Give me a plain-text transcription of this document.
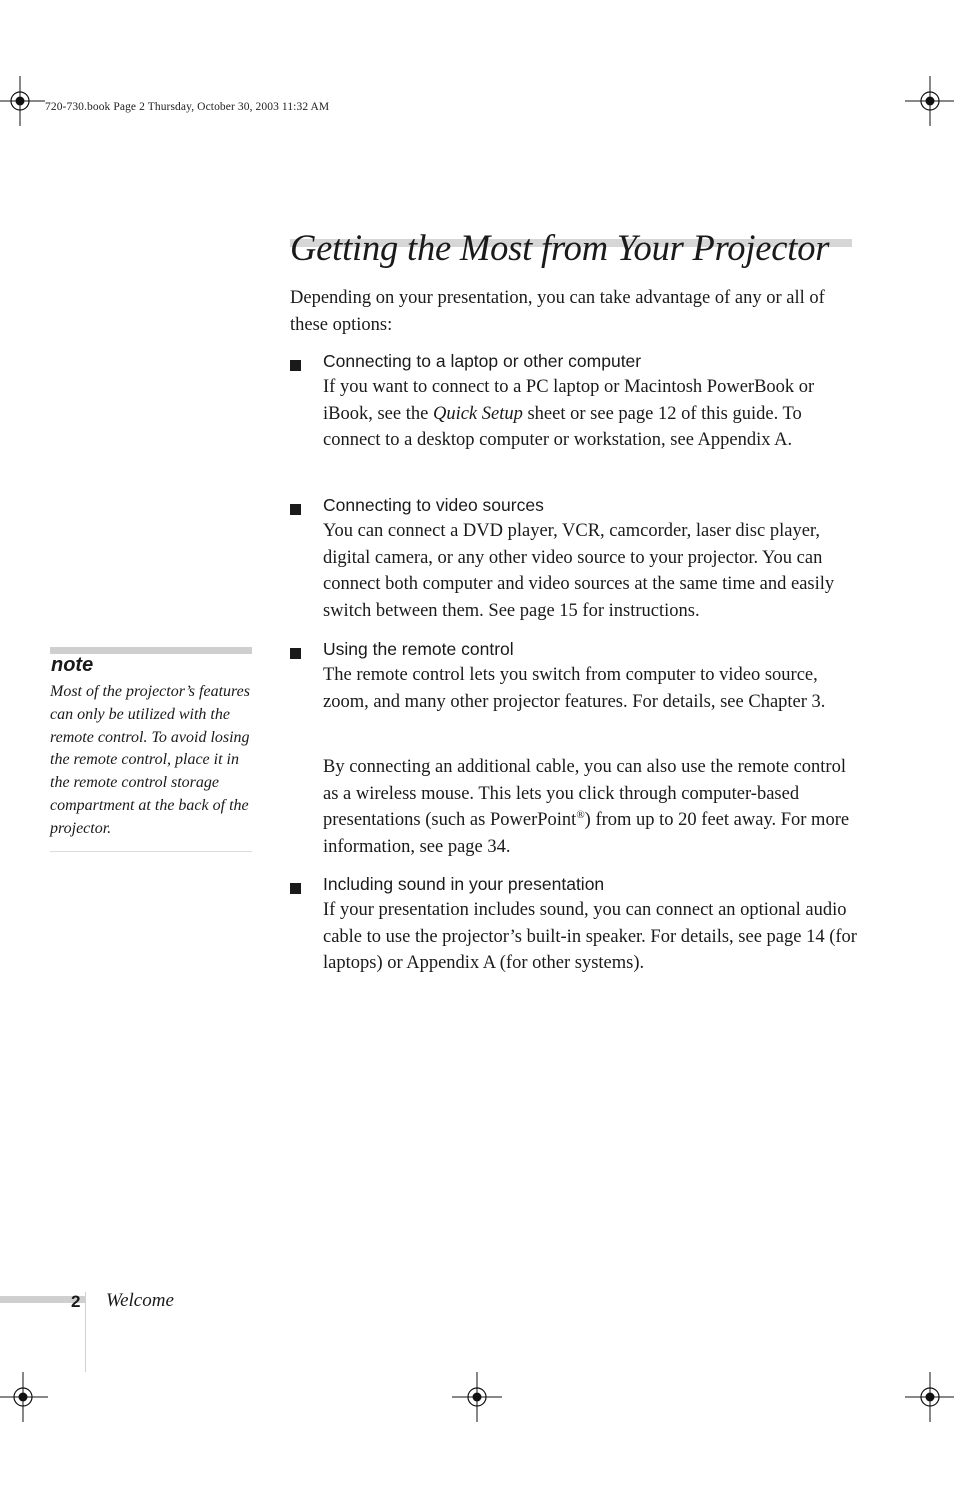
720-730.book Page 2 Thursday, October 30, 2003 11:32 AM
Getting the Most from Your Projector

Depending on your presentation, you can take advantage of any or all of these options:

Connecting to a laptop or other computer

If you want to connect to a PC laptop or Macintosh PowerBook or iBook, see the Quick Setup sheet or see page 12 of this guide. To connect to a desktop computer or workstation, see Appendix A.

Connecting to video sources

You can connect a DVD player, VCR, camcorder, laser disc player, digital camera, or any other video source to your projector. You can connect both computer and video sources at the same time and easily switch between them. See page 15 for instructions.

Using the remote control

The remote control lets you switch from computer to video source, zoom, and many other projector features. For details, see Chapter 3.

By connecting an additional cable, you can also use the remote control as a wireless mouse. This lets you click through computer-based presentations (such as PowerPoint®) from up to 20 feet away. For more information, see page 34.

Including sound in your presentation

If your presentation includes sound, you can connect an optional audio cable to use the projector’s built-in speaker. For details, see page 14 (for laptops) or Appendix A (for other systems).

note

Most of the projector’s features can only be utilized with the remote control. To avoid losing the remote control, place it in the remote control storage compartment at the back of the projector.

2 Welcome
